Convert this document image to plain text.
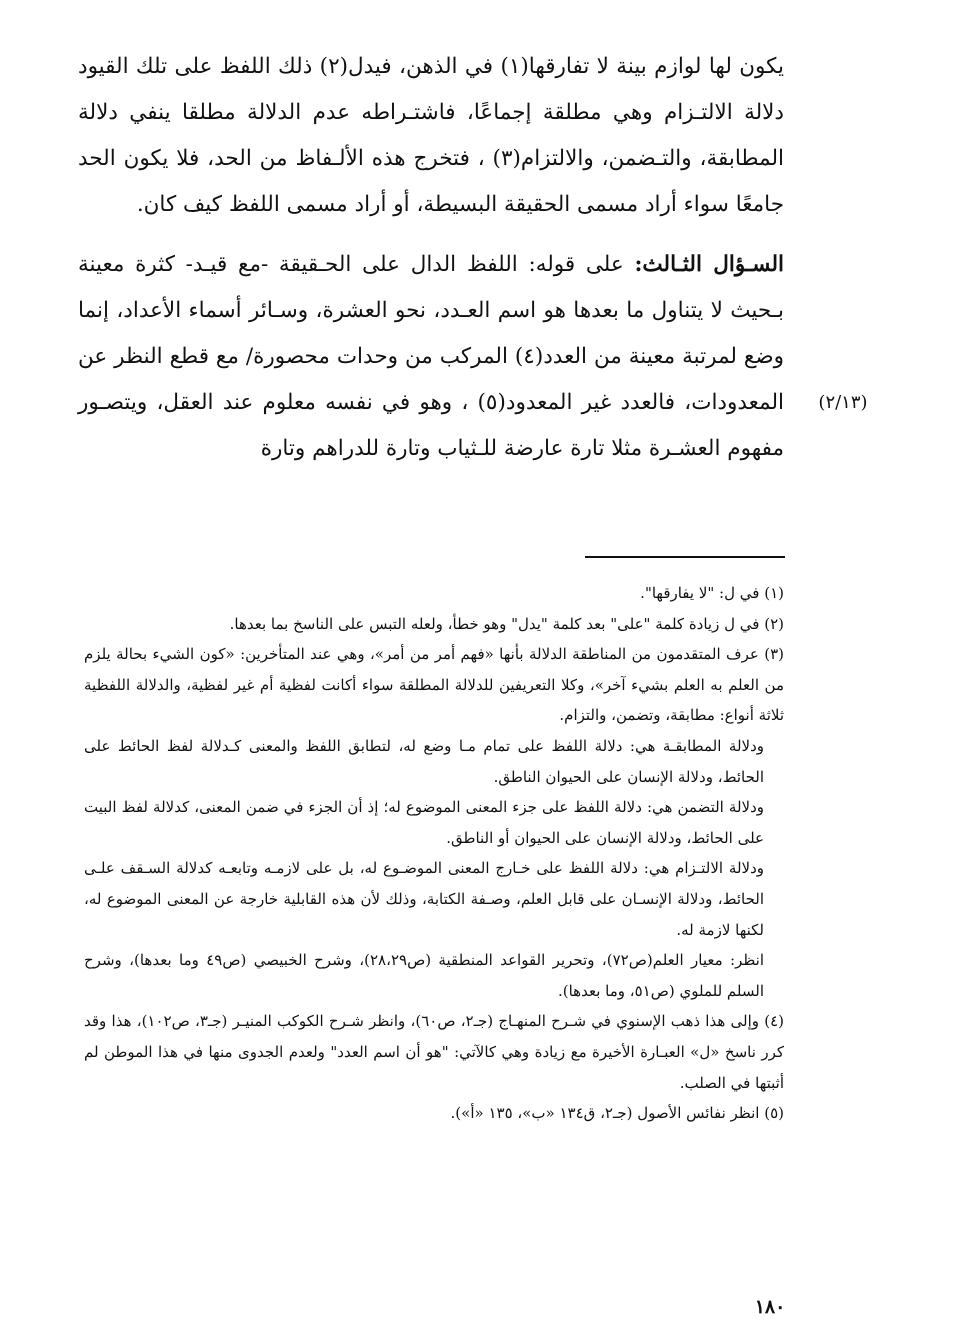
يكون لها لوازم بينة لا تفارقها(١) في الذهن، فيدل(٢) ذلك اللفظ على تلك القيود دلالة الالتـزام وهي مطلقة إجماعًا، فاشتـراطه عدم الدلالة مطلقا ينفي دلالة المطابقة، والتـضمن، والالتزام(٣) ، فتخرج هذه الألـفاظ من الحد، فلا يكون الحد جامعًا سواء أراد مسمى الحقيقة البسيطة، أو أراد مسمى اللفظ كيف كان.

السـؤال الثـالث: على قوله: اللفظ الدال على الحـقيقة -مع قيـد- كثرة معينة بـحيث لا يتناول ما بعدها هو اسم العـدد، نحو العشرة، وسـائر أسماء الأعداد، إنما وضع لمرتبة معينة من العدد(٤) المركب من وحدات محصورة/ مع قطع النظر عن المعدودات، فالعدد غير المعدود(٥) ، وهو في نفسه معلوم عند العقل، ويتصـور مفهوم العشـرة مثلا تارة عارضة للـثياب وتارة للدراهم وتارة

(٢/١٣)

(١) في ل: "لا يفارقها".

(٢) في ل زيادة كلمة "على" بعد كلمة "يدل" وهو خطأ، ولعله التبس على الناسخ بما بعدها.

(٣) عرف المتقدمون من المناطقة الدلالة بأنها «فهم أمر من أمر»، وهي عند المتأخرين: «كون الشيء بحالة يلزم من العلم به العلم بشيء آخر»، وكلا التعريفين للدلالة المطلقة سواء أكانت لفظية أم غير لفظية، والدلالة اللفظية ثلاثة أنواع: مطابقة، وتضمن، والتزام.

ودلالة المطابقـة هي: دلالة اللفظ على تمام مـا وضع له، لتطابق اللفظ والمعنى كـدلالة لفظ الحائط على الحائط، ودلالة الإنسان على الحيوان الناطق.

ودلالة التضمن هي: دلالة اللفظ على جزء المعنى الموضوع له؛ إذ أن الجزء في ضمن المعنى، كدلالة لفظ البيت على الحائط، ودلالة الإنسان على الحيوان أو الناطق.

ودلالة الالتـزام هي: دلالة اللفظ على خـارج المعنى الموضـوع له، بل على لازمـه وتابعـه كدلالة السـقف علـى الحائط، ودلالة الإنسـان على قابل العلم، وصـفة الكتابة، وذلك لأن هذه القابلية خارجة عن المعنى الموضوع له، لكنها لازمة له.

انظر: معيار العلم(ص٧٢)، وتحرير القواعد المنطقية (ص٢٨،٢٩)، وشرح الخبيصي (ص٤٩ وما بعدها)، وشرح السلم للملوي (ص٥١، وما بعدها).

(٤) وإلى هذا ذهب الإسنوي في شـرح المنهـاج (جـ٢، ص٦٠)، وانظر شـرح الكوكب المنيـر (جـ٣، ص١٠٢)، هذا وقد كرر ناسخ «ل» العبـارة الأخيرة مع زيادة وهي كالآتي: "هو أن اسم العدد" ولعدم الجدوى منها في هذا الموطن لم أثبتها في الصلب.

(٥) انظر نفائس الأصول (جـ٢، ق١٣٤ «ب»، ١٣٥ «أ»).

١٨٠
